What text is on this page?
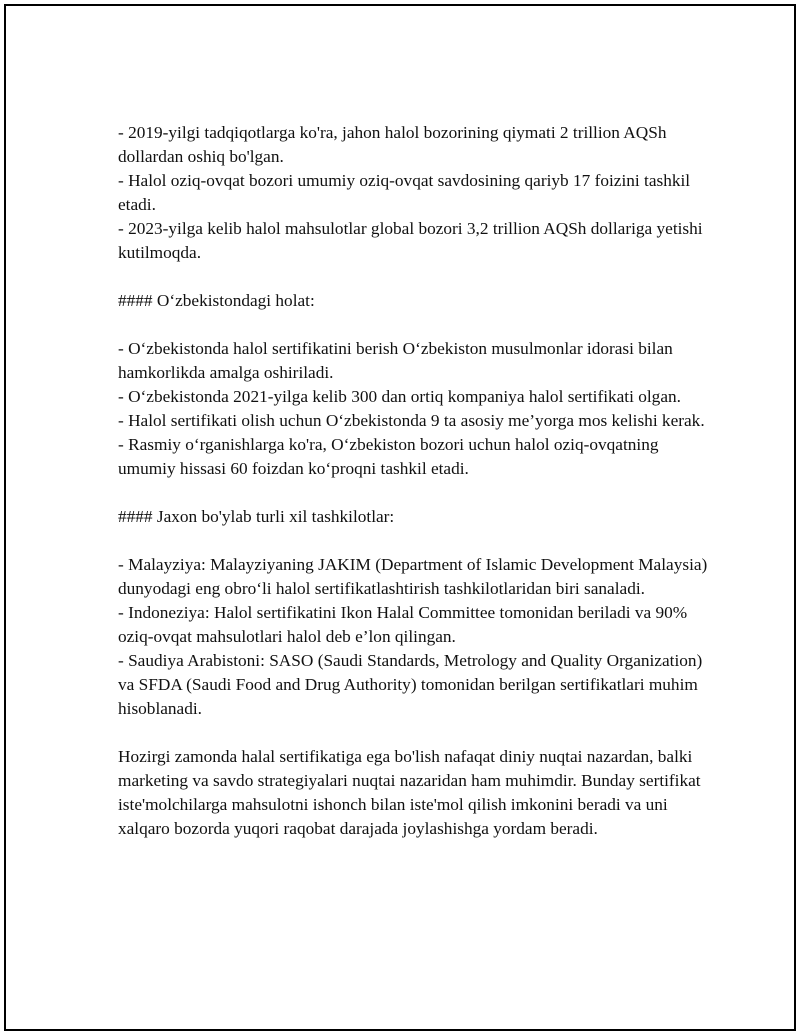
- 2019-yilgi tadqiqotlarga ko'ra, jahon halol bozorining qiymati 2 trillion AQSh dollardan oshiq bo'lgan.

- Halol oziq-ovqat bozori umumiy oziq-ovqat savdosining qariyb 17 foizini tashkil etadi.

- 2023-yilga kelib halol mahsulotlar global bozori 3,2 trillion AQSh dollariga yetishi kutilmoqda.

#### O‘zbekistondagi holat:

- O‘zbekistonda halol sertifikatini berish O‘zbekiston musulmonlar idorasi bilan hamkorlikda amalga oshiriladi.

- O‘zbekistonda 2021-yilga kelib 300 dan ortiq kompaniya halol sertifikati olgan.

- Halol sertifikati olish uchun O‘zbekistonda 9 ta asosiy me’yorga mos kelishi kerak.

- Rasmiy o‘rganishlarga ko'ra, O‘zbekiston bozori uchun halol oziq-ovqatning umumiy hissasi 60 foizdan ko‘proqni tashkil etadi.

#### Jaxon bo'ylab turli xil tashkilotlar:

- Malayziya: Malayziyaning JAKIM (Department of Islamic Development Malaysia) dunyodagi eng obro‘li halol sertifikatlashtirish tashkilotlaridan biri sanaladi.

- Indoneziya: Halol sertifikatini Ikon Halal Committee tomonidan beriladi va 90% oziq-ovqat mahsulotlari halol deb e’lon qilingan.

- Saudiya Arabistoni: SASO (Saudi Standards, Metrology and Quality Organization) va SFDA (Saudi Food and Drug Authority) tomonidan berilgan sertifikatlari muhim hisoblanadi.

Hozirgi zamonda halal sertifikatiga ega bo'lish nafaqat diniy nuqtai nazardan, balki marketing va savdo strategiyalari nuqtai nazaridan ham muhimdir. Bunday sertifikat iste'molchilarga mahsulotni ishonch bilan iste'mol qilish imkonini beradi va uni xalqaro bozorda yuqori raqobat darajada joylashishga yordam beradi.
